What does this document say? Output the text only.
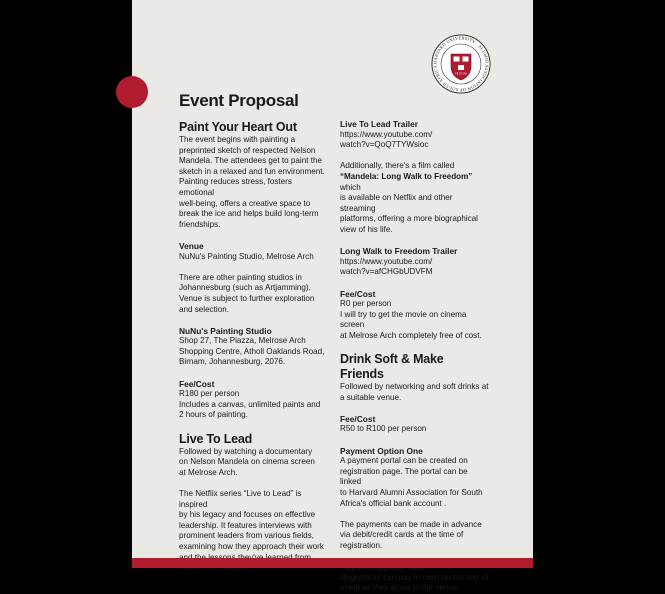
HARVARD UNIVERSITY · ALUMNI ASSOCIATION OF SOUTH AFRICA
VE RI TAS
Event Proposal
Paint Your Heart Out

The event begins with painting a

preprinted sketch of respected Nelson

Mandela. The attendees get to paint the

sketch in a relaxed and fun environment.

Painting reduces stress, fosters emotional

well-being, offers a creative space to

break the ice and helps build long-term

friendships.

Venue

NuNu's Painting Studio, Melrose Arch

There are other painting studios in

Johannesburg (such as Artjamming).

Venue is subject to further exploration

and selection.

NuNu's Painting Studio

Shop 27, The Piazza, Melrose Arch

Shopping Centre, Atholl Oaklands Road,

Birnam, Johannesburg, 2076.

Fee/Cost

R180 per person

Includes a canvas, unlimited paints and

2 hours of painting.

Live To Lead

Followed by watching a documentary

on Nelson Mandela on cinema screen

at Melrose Arch.

The Netflix series “Live to Lead” is inspired

by his legacy and focuses on effective

leadership. It features interviews with

prominent leaders from various fields,

examining how they approach their work

Live To Lead Trailer

https://www.youtube.com/

watch?v=QoQ7TYWsioc

Additionally, there's a film called

“Mandela: Long Walk to Freedom” which

is available on Netflix and other streaming

platforms, offering a more biographical

view of his life.

Long Walk to Freedom Trailer

https://www.youtube.com/

watch?v=afCHGbUDVFM

Fee/Cost

R0 per person

I will try to get the movie on cinema screen

at Melrose Arch completely free of cost.

Drink Soft & Make Friends

Followed by networking and soft drinks at

a suitable venue.

Fee/Cost

R50 to R100 per person

Payment Option One

A payment portal can be created on

registration page. The portal can be linked

to Harvard Alumni Association for South

Africa's official bank account .

The payments can be made in advance

via debit/credit cards at the time of

registration.

Registrants can pay in cash on the day of

event as they arrive to the venue.
